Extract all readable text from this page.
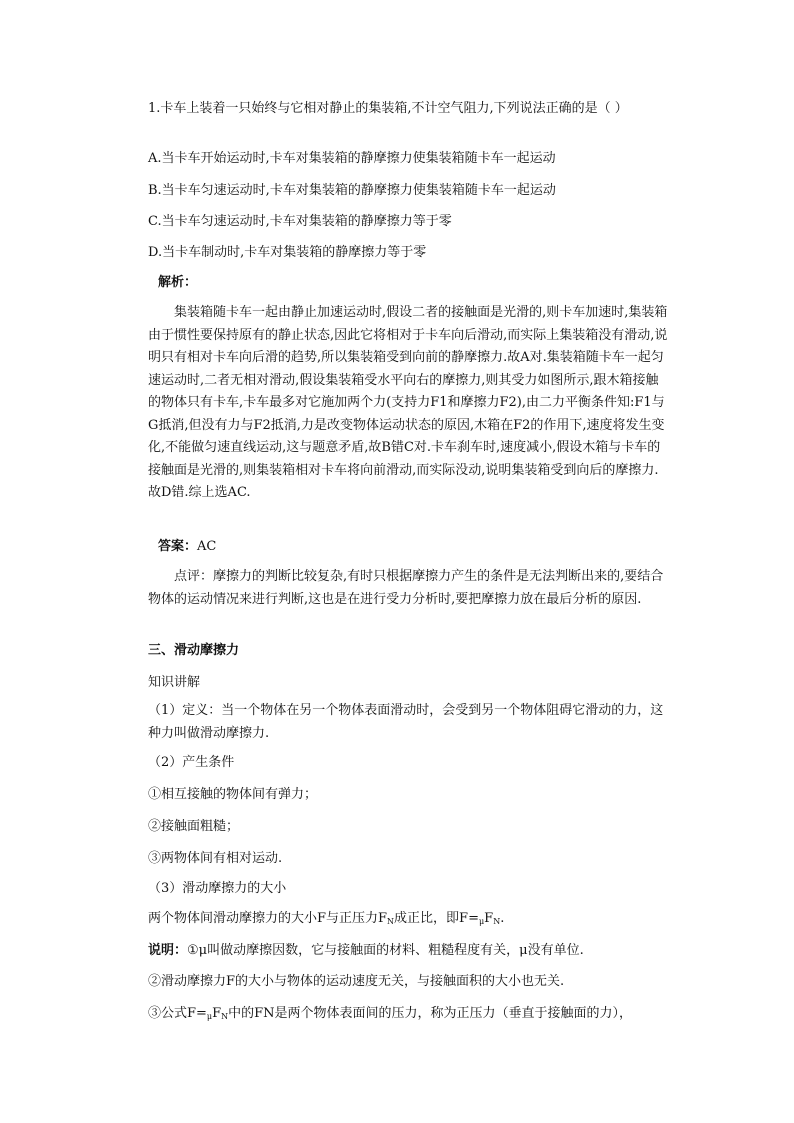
1.卡车上装着一只始终与它相对静止的集装箱,不计空气阻力,下列说法正确的是（ ）

A.当卡车开始运动时,卡车对集装箱的静摩擦力使集装箱随卡车一起运动

B.当卡车匀速运动时,卡车对集装箱的静摩擦力使集装箱随卡车一起运动

C.当卡车匀速运动时,卡车对集装箱的静摩擦力等于零

D.当卡车制动时,卡车对集装箱的静摩擦力等于零

解析：

集装箱随卡车一起由静止加速运动时,假设二者的接触面是光滑的,则卡车加速时,集装箱由于惯性要保持原有的静止状态,因此它将相对于卡车向后滑动,而实际上集装箱没有滑动,说明只有相对卡车向后滑的趋势,所以集装箱受到向前的静摩擦力.故A对.集装箱随卡车一起匀速运动时,二者无相对滑动,假设集装箱受水平向右的摩擦力,则其受力如图所示,跟木箱接触的物体只有卡车,卡车最多对它施加两个力(支持力F1和摩擦力F2),由二力平衡条件知:F1与G抵消,但没有力与F2抵消,力是改变物体运动状态的原因,木箱在F2的作用下,速度将发生变化,不能做匀速直线运动,这与题意矛盾,故B错C对.卡车刹车时,速度减小,假设木箱与卡车的接触面是光滑的,则集装箱相对卡车将向前滑动,而实际没动,说明集装箱受到向后的摩擦力.故D错.综上选AC.

答案：AC

点评：摩擦力的判断比较复杂,有时只根据摩擦力产生的条件是无法判断出来的,要结合物体的运动情况来进行判断,这也是在进行受力分析时,要把摩擦力放在最后分析的原因.

三、滑动摩擦力

知识讲解

（1）定义：当一个物体在另一个物体表面滑动时，会受到另一个物体阻碍它滑动的力，这种力叫做滑动摩擦力.

（2）产生条件

①相互接触的物体间有弹力；

②接触面粗糙；

③两物体间有相对运动.

（3）滑动摩擦力的大小

两个物体间滑动摩擦力的大小F与正压力$F_N$成正比，即$F=_\mu F_N$.

说明：①μ叫做动摩擦因数，它与接触面的材料、粗糙程度有关，μ没有单位.

②滑动摩擦力F的大小与物体的运动速度无关，与接触面积的大小也无关.

③公式$F=_\mu F_N$中的FN是两个物体表面间的压力，称为正压力（垂直于接触面的力），
